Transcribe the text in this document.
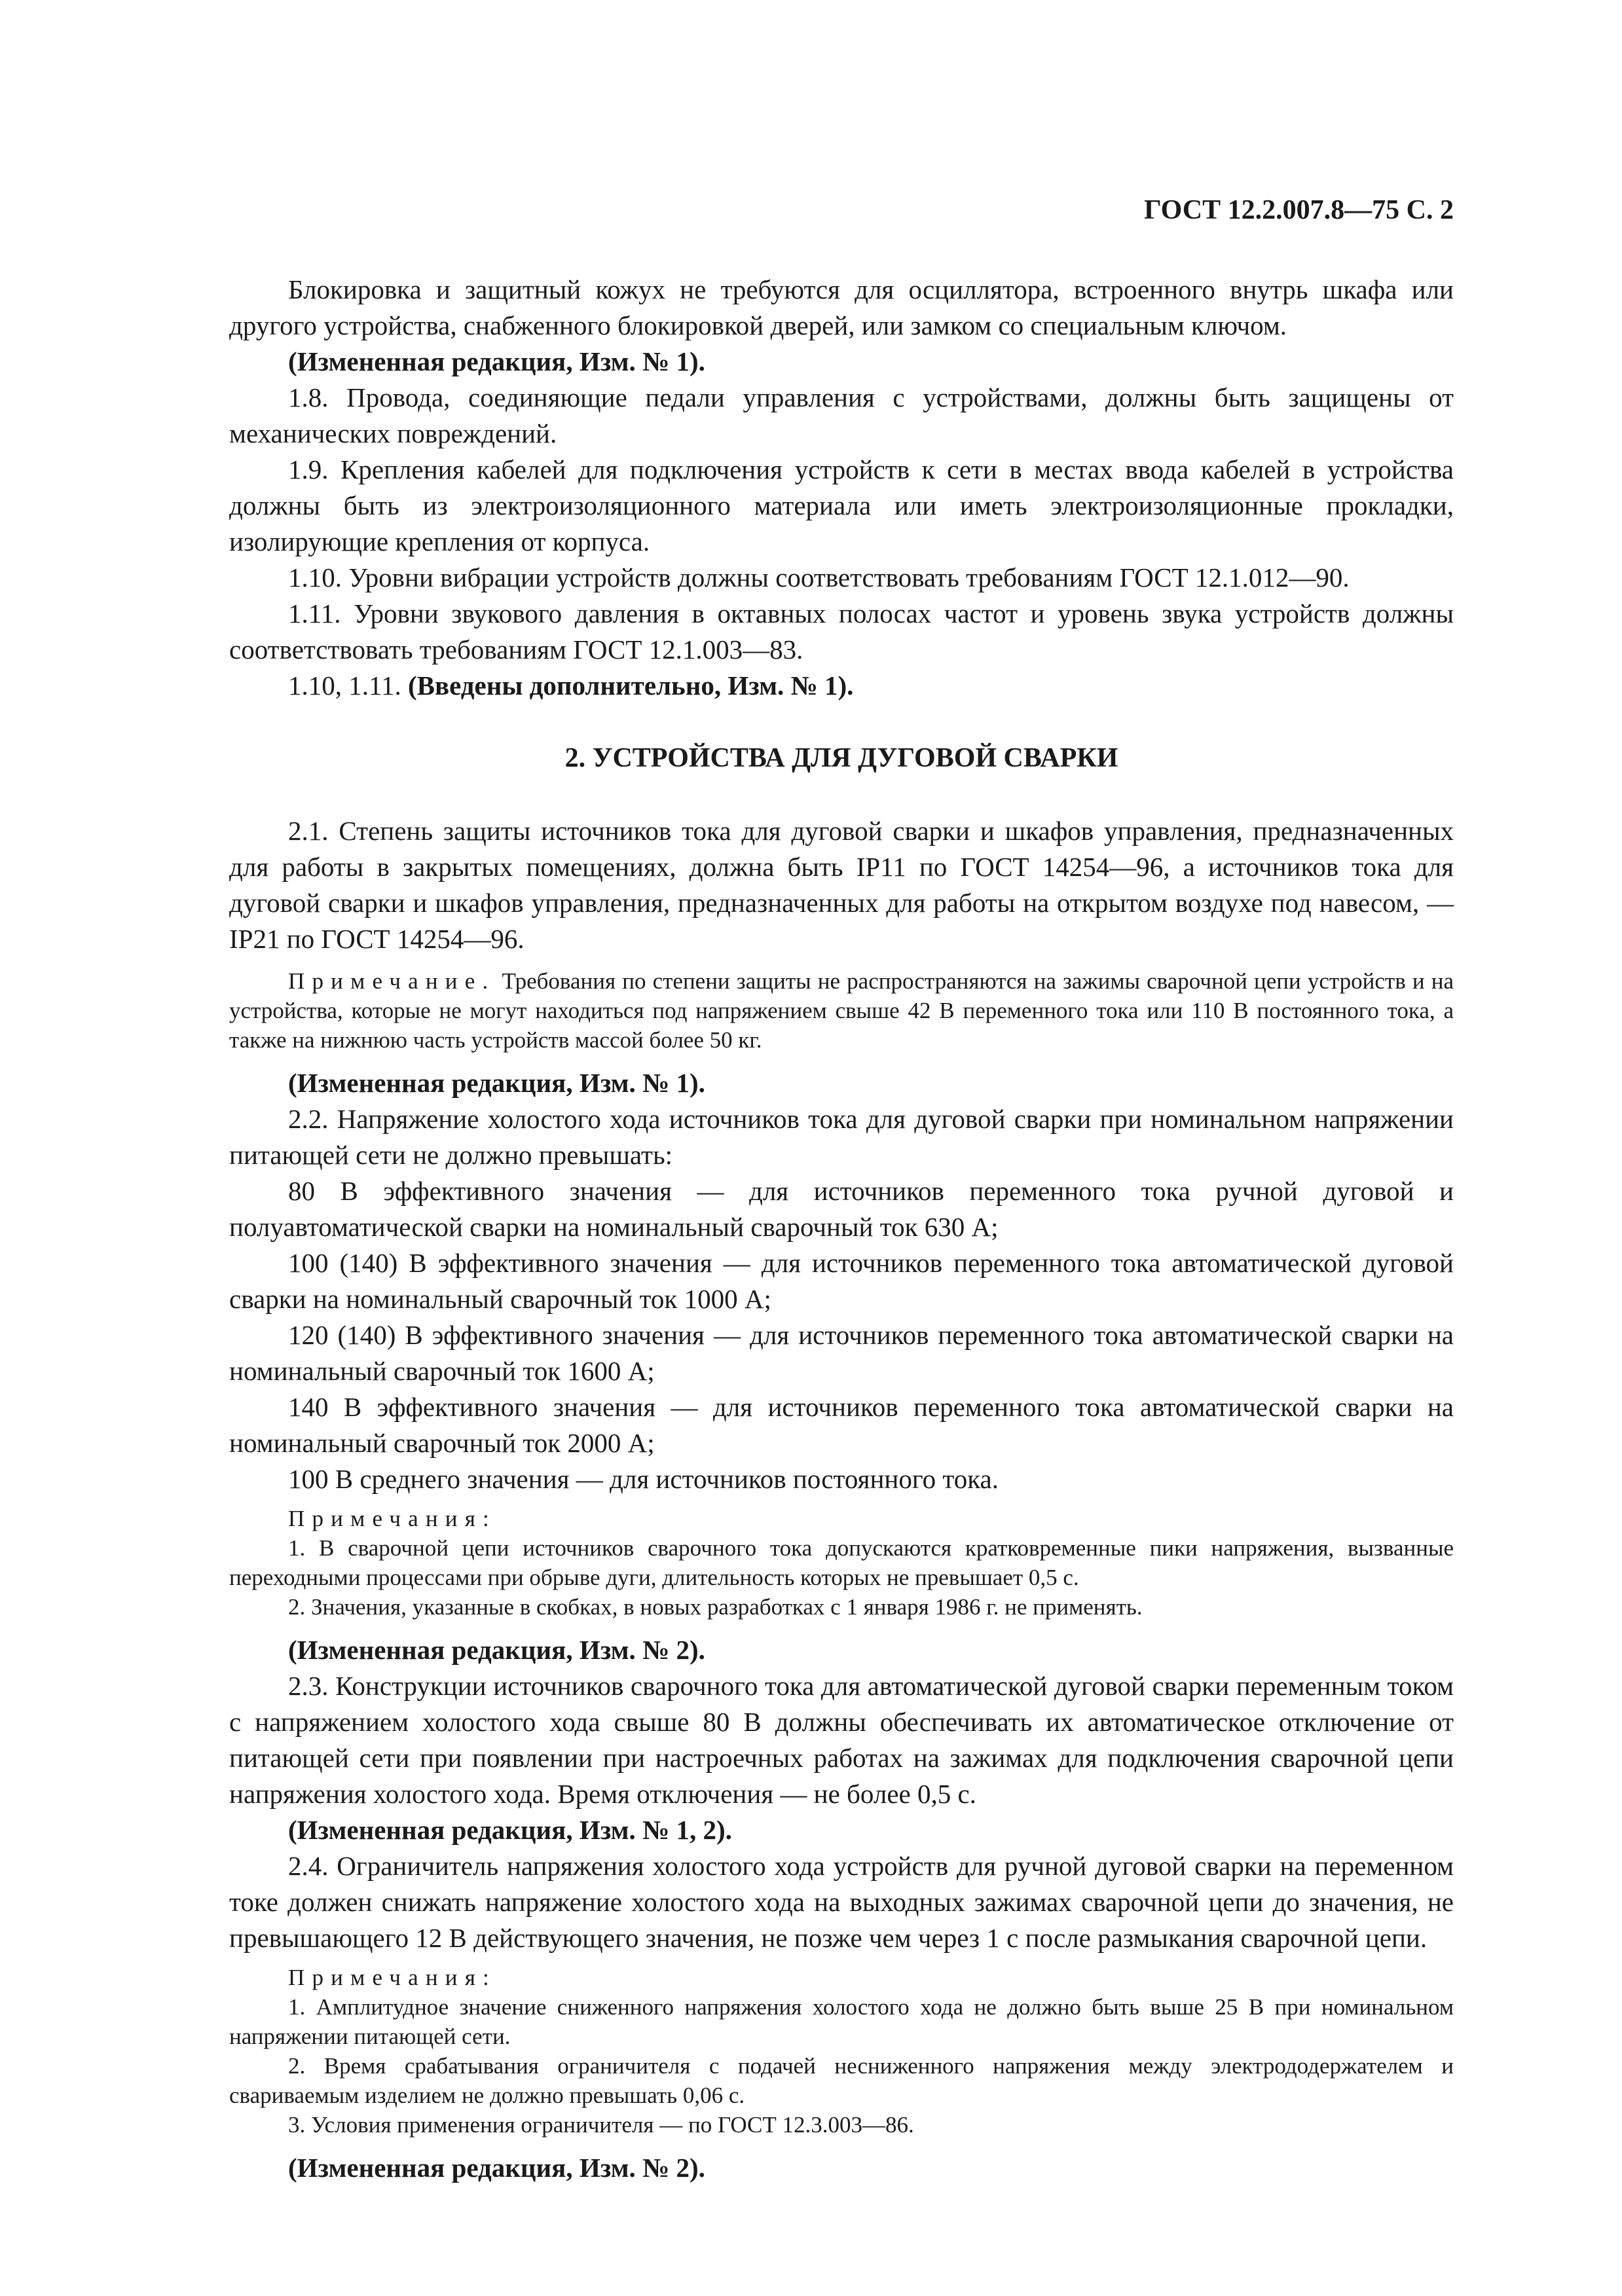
ГОСТ 12.2.007.8—75 С. 2

Блокировка и защитный кожух не требуются для осциллятора, встроенного внутрь шкафа или другого устройства, снабженного блокировкой дверей, или замком со специальным ключом.

(Измененная редакция, Изм. № 1).

1.8. Провода, соединяющие педали управления с устройствами, должны быть защищены от механических повреждений.

1.9. Крепления кабелей для подключения устройств к сети в местах ввода кабелей в устройства должны быть из электроизоляционного материала или иметь электроизоляционные прокладки, изолирующие крепления от корпуса.

1.10. Уровни вибрации устройств должны соответствовать требованиям ГОСТ 12.1.012—90.

1.11. Уровни звукового давления в октавных полосах частот и уровень звука устройств должны соответствовать требованиям ГОСТ 12.1.003—83.

1.10, 1.11. (Введены дополнительно, Изм. № 1).

2. УСТРОЙСТВА ДЛЯ ДУГОВОЙ СВАРКИ

2.1. Степень защиты источников тока для дуговой сварки и шкафов управления, предназначенных для работы в закрытых помещениях, должна быть IP11 по ГОСТ 14254—96, а источников тока для дуговой сварки и шкафов управления, предназначенных для работы на открытом воздухе под навесом, — IP21 по ГОСТ 14254—96.

Примечание. Требования по степени защиты не распространяются на зажимы сварочной цепи устройств и на устройства, которые не могут находиться под напряжением свыше 42 В переменного тока или 110 В постоянного тока, а также на нижнюю часть устройств массой более 50 кг.

(Измененная редакция, Изм. № 1).

2.2. Напряжение холостого хода источников тока для дуговой сварки при номинальном напряжении питающей сети не должно превышать:

80 В эффективного значения — для источников переменного тока ручной дуговой и полуавтоматической сварки на номинальный сварочный ток 630 А;

100 (140) В эффективного значения — для источников переменного тока автоматической дуговой сварки на номинальный сварочный ток 1000 А;

120 (140) В эффективного значения — для источников переменного тока автоматической сварки на номинальный сварочный ток 1600 А;

140 В эффективного значения — для источников переменного тока автоматической сварки на номинальный сварочный ток 2000 А;

100 В среднего значения — для источников постоянного тока.

Примечания:

1. В сварочной цепи источников сварочного тока допускаются кратковременные пики напряжения, вызванные переходными процессами при обрыве дуги, длительность которых не превышает 0,5 с.

2. Значения, указанные в скобках, в новых разработках с 1 января 1986 г. не применять.

(Измененная редакция, Изм. № 2).

2.3. Конструкции источников сварочного тока для автоматической дуговой сварки переменным током с напряжением холостого хода свыше 80 В должны обеспечивать их автоматическое отключение от питающей сети при появлении при настроечных работах на зажимах для подключения сварочной цепи напряжения холостого хода. Время отключения — не более 0,5 с.

(Измененная редакция, Изм. № 1, 2).

2.4. Ограничитель напряжения холостого хода устройств для ручной дуговой сварки на переменном токе должен снижать напряжение холостого хода на выходных зажимах сварочной цепи до значения, не превышающего 12 В действующего значения, не позже чем через 1 с после размыкания сварочной цепи.

Примечания:

1. Амплитудное значение сниженного напряжения холостого хода не должно быть выше 25 В при номинальном напряжении питающей сети.

2. Время срабатывания ограничителя с подачей несниженного напряжения между электрододержателем и свариваемым изделием не должно превышать 0,06 с.

3. Условия применения ограничителя — по ГОСТ 12.3.003—86.

(Измененная редакция, Изм. № 2).
